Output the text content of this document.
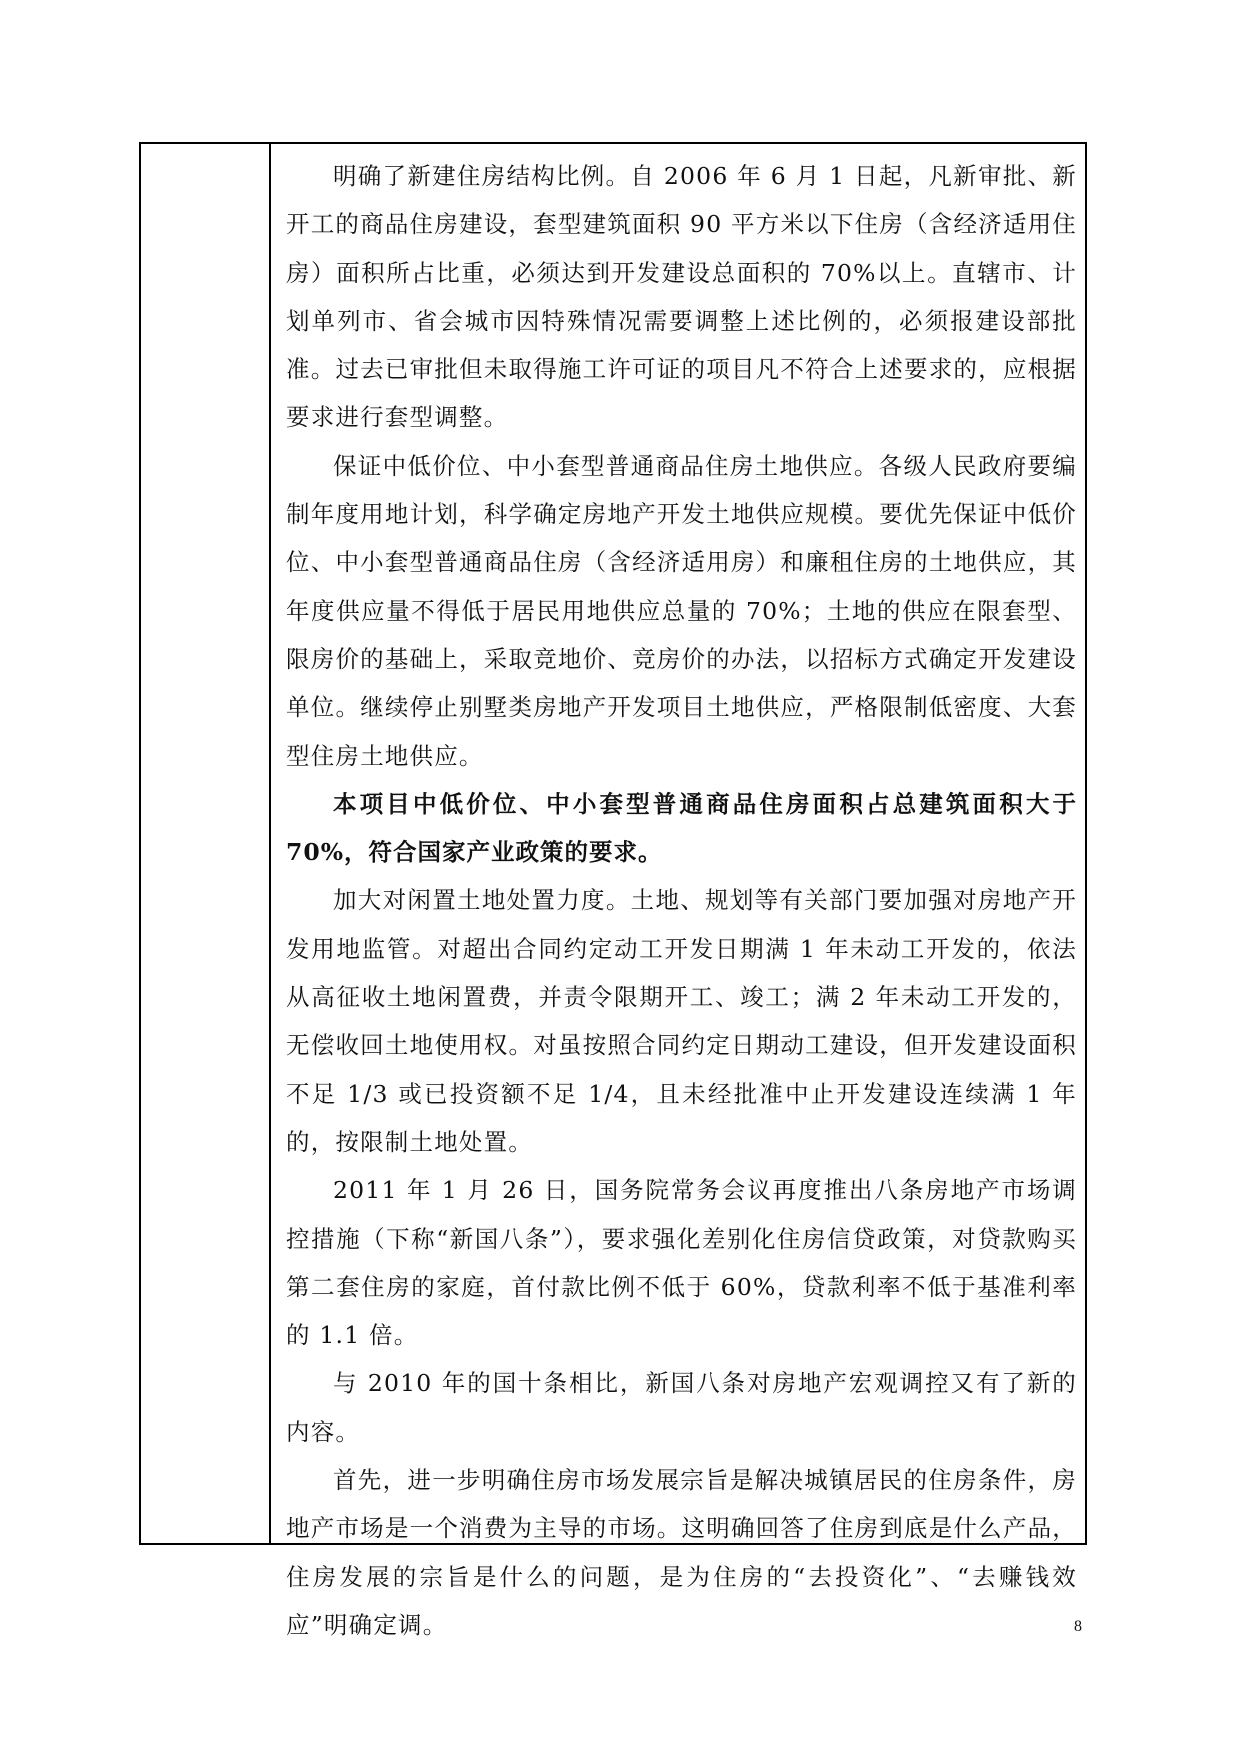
明确了新建住房结构比例。自 2006 年 6 月 1 日起，凡新审批、新开工的商品住房建设，套型建筑面积 90 平方米以下住房（含经济适用住房）面积所占比重，必须达到开发建设总面积的 70%以上。直辖市、计划单列市、省会城市因特殊情况需要调整上述比例的，必须报建设部批准。过去已审批但未取得施工许可证的项目凡不符合上述要求的，应根据要求进行套型调整。

保证中低价位、中小套型普通商品住房土地供应。各级人民政府要编制年度用地计划，科学确定房地产开发土地供应规模。要优先保证中低价位、中小套型普通商品住房（含经济适用房）和廉租住房的土地供应，其年度供应量不得低于居民用地供应总量的 70%；土地的供应在限套型、限房价的基础上，采取竞地价、竞房价的办法，以招标方式确定开发建设单位。继续停止别墅类房地产开发项目土地供应，严格限制低密度、大套型住房土地供应。

本项目中低价位、中小套型普通商品住房面积占总建筑面积大于 70%，符合国家产业政策的要求。

加大对闲置土地处置力度。土地、规划等有关部门要加强对房地产开发用地监管。对超出合同约定动工开发日期满 1 年未动工开发的，依法从高征收土地闲置费，并责令限期开工、竣工；满 2 年未动工开发的，无偿收回土地使用权。对虽按照合同约定日期动工建设，但开发建设面积不足 1/3 或已投资额不足 1/4，且未经批准中止开发建设连续满 1 年的，按限制土地处置。

2011 年 1 月 26 日，国务院常务会议再度推出八条房地产市场调控措施（下称“新国八条”），要求强化差别化住房信贷政策，对贷款购买第二套住房的家庭，首付款比例不低于 60%，贷款利率不低于基准利率的 1.1 倍。

与 2010 年的国十条相比，新国八条对房地产宏观调控又有了新的内容。

首先，进一步明确住房市场发展宗旨是解决城镇居民的住房条件，房地产市场是一个消费为主导的市场。这明确回答了住房到底是什么产品，住房发展的宗旨是什么的问题，是为住房的“去投资化”、“去赚钱效应”明确定调。	8
